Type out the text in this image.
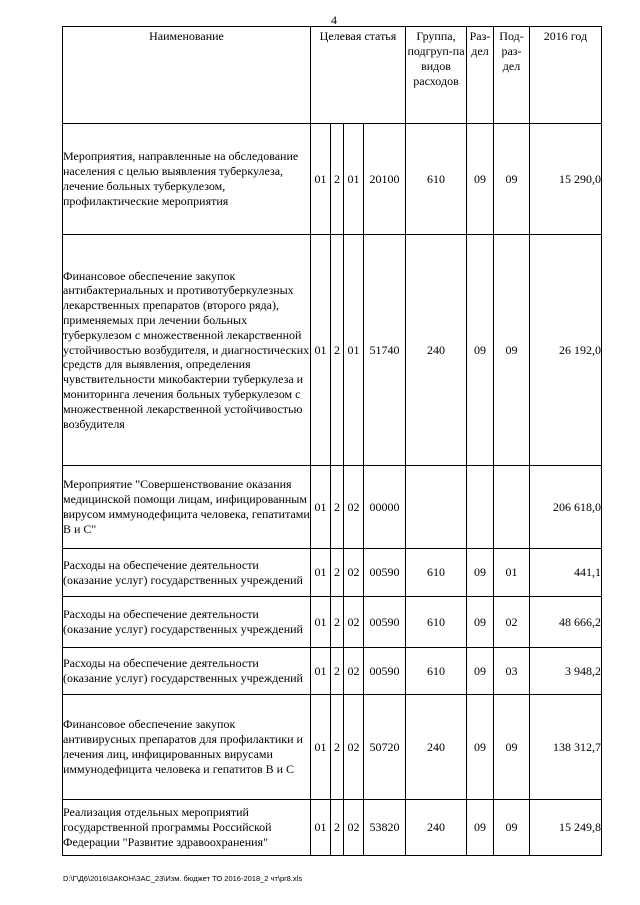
4
Наименование	Целевая статья				Группа, подгруп-па видов расходов	Раз-дел	Под-раз-дел	2016 год
Мероприятия, направленные на обследование населения с целью выявления туберкулеза, лечение больных туберкулезом, профилактические мероприятия	01	2	01	20100	610	09	09	15 290,0
Финансовое обеспечение закупок антибактериальных и противотуберкулезных лекарственных препаратов (второго ряда), применяемых при лечении больных туберкулезом с множественной лекарственной устойчивостью возбудителя, и диагностических средств для выявления, определения чувствительности микобактерии туберкулеза и мониторинга лечения больных туберкулезом с множественной лекарственной устойчивостью возбудителя	01	2	01	51740	240	09	09	26 192,0
Мероприятие "Совершенствование оказания медицинской помощи лицам, инфицированным вирусом иммунодефицита человека, гепатитами В и С"	01	2	02	00000				206 618,0
Расходы на обеспечение деятельности (оказание услуг) государственных учреждений	01	2	02	00590	610	09	01	441,1
Расходы на обеспечение деятельности (оказание услуг) государственных учреждений	01	2	02	00590	610	09	02	48 666,2
Расходы на обеспечение деятельности (оказание услуг) государственных учреждений	01	2	02	00590	610	09	03	3 948,2
Финансовое обеспечение закупок антивирусных препаратов для профилактики и лечения лиц, инфицированных вирусами иммунодефицита человека и гепатитов В и С	01	2	02	50720	240	09	09	138 312,7
Реализация отдельных мероприятий государственной программы Российской Федерации "Развитие здравоохранения"	01	2	02	53820	240	09	09	15 249,8
D:\Г\Д6\2016\ЗАКОН\ЗАС_23\Изм. бюджет ТО 2016-2018_2 чт\pr8.xls
